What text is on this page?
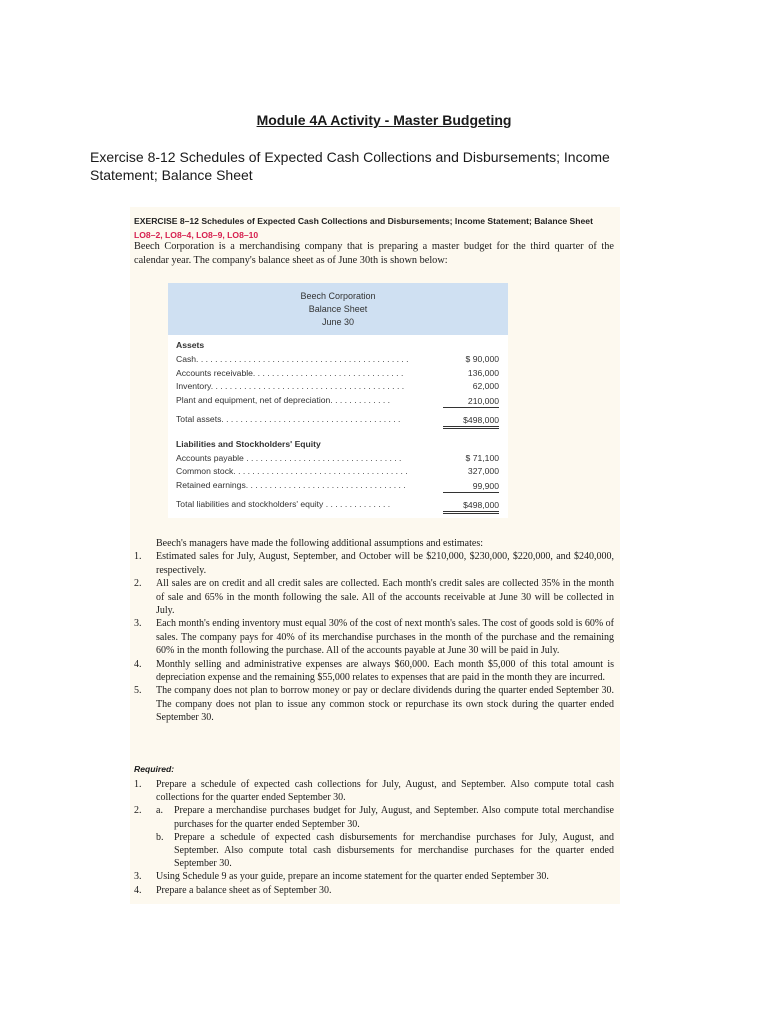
Module 4A Activity - Master Budgeting
Exercise 8-12 Schedules of Expected Cash Collections and Disbursements; Income Statement; Balance Sheet
EXERCISE 8–12 Schedules of Expected Cash Collections and Disbursements; Income Statement; Balance Sheet LO8–2, LO8–4, LO8–9, LO8–10
Beech Corporation is a merchandising company that is preparing a master budget for the third quarter of the calendar year. The company's balance sheet as of June 30th is shown below:
Beech Corporation
Balance Sheet
June 30
Assets
Cash. . . . . . . . . . . . . . . . . . . . . . . . . . . . . . . . . . . . . . . . . . . . .	$ 90,000
Accounts receivable. . . . . . . . . . . . . . . . . . . . . . . . . . . . . . . .	136,000
Inventory. . . . . . . . . . . . . . . . . . . . . . . . . . . . . . . . . . . . . . . . .	62,000
Plant and equipment, net of depreciation. . . . . . . . . . . . .	210,000
Total assets. . . . . . . . . . . . . . . . . . . . . . . . . . . . . . . . . . . . . .	$498,000
Liabilities and Stockholders' Equity
Accounts payable . . . . . . . . . . . . . . . . . . . . . . . . . . . . . . . . .	$ 71,100
Common stock. . . . . . . . . . . . . . . . . . . . . . . . . . . . . . . . . . . . .	327,000
Retained earnings. . . . . . . . . . . . . . . . . . . . . . . . . . . . . . . . . .	99,900
Total liabilities and stockholders' equity . . . . . . . . . . . . . .	$498,000
Beech's managers have made the following additional assumptions and estimates:
1.	Estimated sales for July, August, September, and October will be $210,000, $230,000, $220,000, and $240,000, respectively.
2.	All sales are on credit and all credit sales are collected. Each month's credit sales are collected 35% in the month of sale and 65% in the month following the sale. All of the accounts receivable at June 30 will be collected in July.
3.	Each month's ending inventory must equal 30% of the cost of next month's sales. The cost of goods sold is 60% of sales. The company pays for 40% of its merchandise purchases in the month of the purchase and the remaining 60% in the month following the purchase. All of the accounts payable at June 30 will be paid in July.
4.	Monthly selling and administrative expenses are always $60,000. Each month $5,000 of this total amount is depreciation expense and the remaining $55,000 relates to expenses that are paid in the month they are incurred.
5.	The company does not plan to borrow money or pay or declare dividends during the quarter ended September 30. The company does not plan to issue any common stock or repurchase its own stock during the quarter ended September 30.
Required:
1.	Prepare a schedule of expected cash collections for July, August, and September. Also compute total cash collections for the quarter ended September 30.
2.	a.	Prepare a merchandise purchases budget for July, August, and September. Also compute total merchandise purchases for the quarter ended September 30.
b.	Prepare a schedule of expected cash disbursements for merchandise purchases for July, August, and September. Also compute total cash disbursements for merchandise purchases for the quarter ended September 30.
3.	Using Schedule 9 as your guide, prepare an income statement for the quarter ended September 30.
4.	Prepare a balance sheet as of September 30.
